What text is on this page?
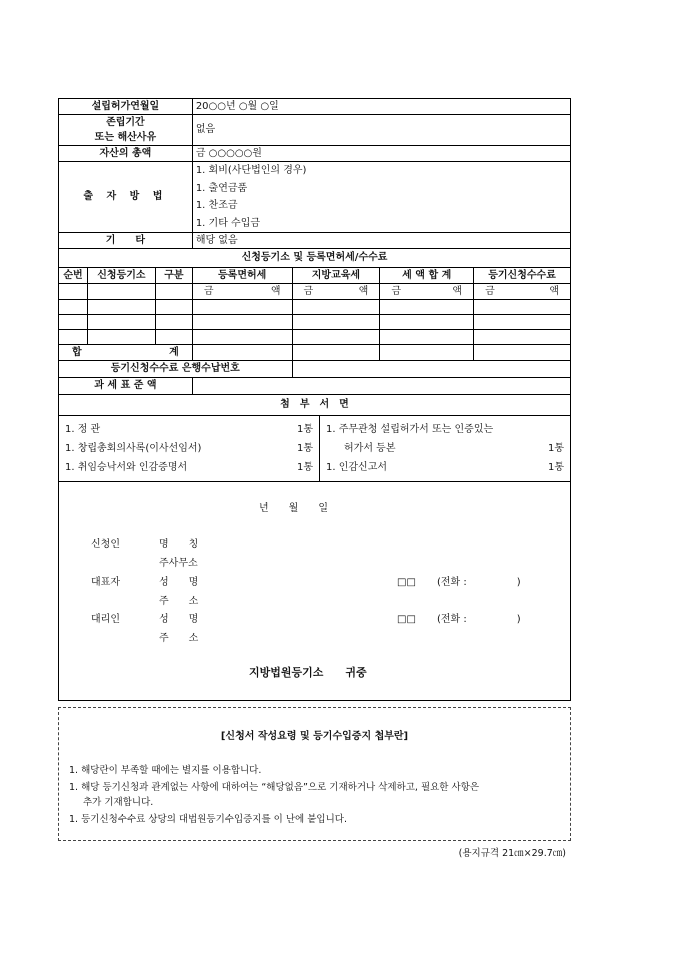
설립허가연월일	20○○년 ○월 ○일

존립기간
또는 해산사유
	없음
자산의 총액	금 ○○○○○원
출 자 방 법	
1. 회비(사단법인의 경우)
1. 출연금품
1. 찬조금
1. 기타 수입금

기　　타	해당 없음
신청등기소 및 등록면허세/수수료
순번	신청등기소	구분	등록면허세	지방교육세	세 액 합 계	등기신청수수료

금	액	금	액	금	액	금	액

합	계

등기신청수수료 은행수납번호	
과 세 표 준 액	
첨　부　서　면

1. 정 관	1통
1. 창립총회의사록(이사선임서)	1통
1. 취임승낙서와 인감증명서	1통

1. 주무관청 설립허가서 또는 인증있는
허가서 등본	1통
1. 인감신고서	1통

년　　월　　일
신청인	명　　칭
주사무소
대표자	성　　명	□□ (전화 :　　　　　)
주　　소
대리인	성　　명	□□ (전화 :　　　　　)
주　　소
지방법원등기소　　귀중
[신청서 작성요령 및 등기수입증지 첩부란]
1. 해당란이 부족할 때에는 별지를 이용합니다.
1. 해당 등기신청과 관계없는 사항에 대하여는 “해당없음”으로 기재하거나 삭제하고, 필요한 사항은
추가 기재합니다.
1. 등기신청수수료 상당의 대법원등기수입증지를 이 난에 붙입니다.
(용지규격 21㎝×29.7㎝)
